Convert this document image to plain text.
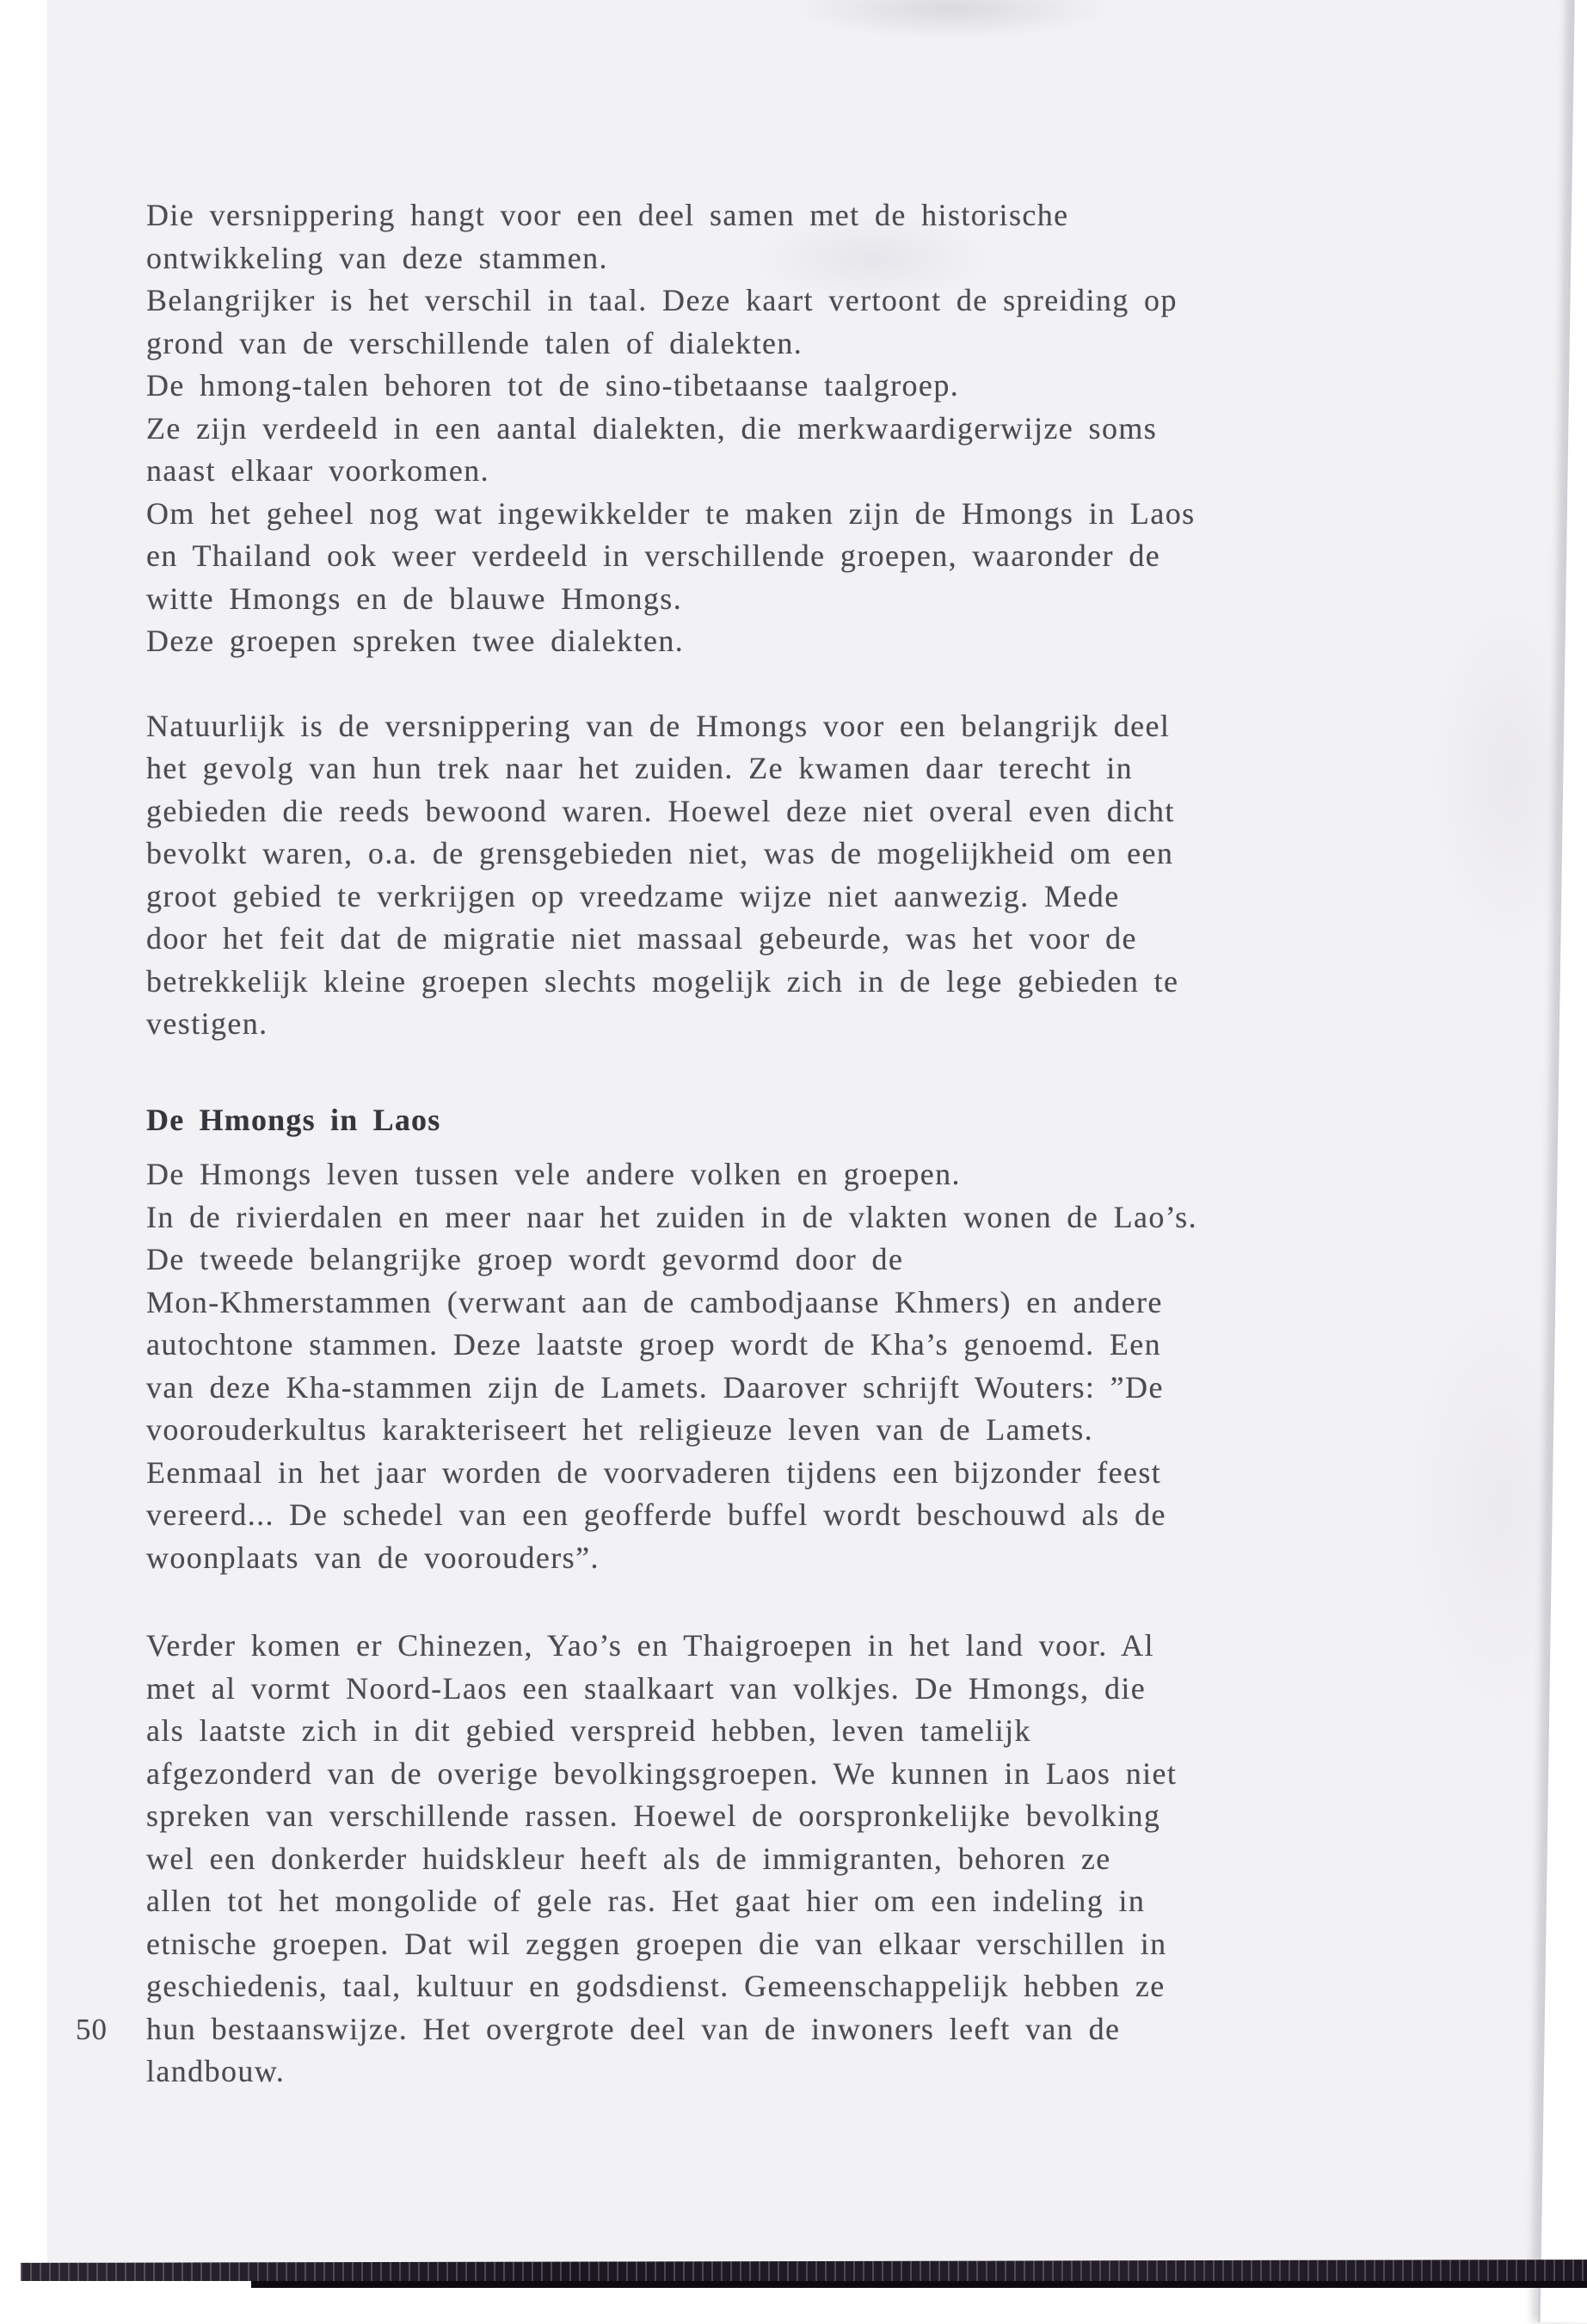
Die versnippering hangt voor een deel samen met de historische
ontwikkeling van deze stammen.
Belangrijker is het verschil in taal. Deze kaart vertoont de spreiding op
grond van de verschillende talen of dialekten.
De hmong-talen behoren tot de sino-tibetaanse taalgroep.
Ze zijn verdeeld in een aantal dialekten, die merkwaardigerwijze soms
naast elkaar voorkomen.
Om het geheel nog wat ingewikkelder te maken zijn de Hmongs in Laos
en Thailand ook weer verdeeld in verschillende groepen, waaronder de
witte Hmongs en de blauwe Hmongs.
Deze groepen spreken twee dialekten.
Natuurlijk is de versnippering van de Hmongs voor een belangrijk deel
het gevolg van hun trek naar het zuiden. Ze kwamen daar terecht in
gebieden die reeds bewoond waren. Hoewel deze niet overal even dicht
bevolkt waren, o.a. de grensgebieden niet, was de mogelijkheid om een
groot gebied te verkrijgen op vreedzame wijze niet aanwezig. Mede
door het feit dat de migratie niet massaal gebeurde, was het voor de
betrekkelijk kleine groepen slechts mogelijk zich in de lege gebieden te
vestigen.
De Hmongs in Laos
De Hmongs leven tussen vele andere volken en groepen.
In de rivierdalen en meer naar het zuiden in de vlakten wonen de Lao’s.
De tweede belangrijke groep wordt gevormd door de
Mon-Khmerstammen (verwant aan de cambodjaanse Khmers) en andere
autochtone stammen. Deze laatste groep wordt de Kha’s genoemd. Een
van deze Kha-stammen zijn de Lamets. Daarover schrijft Wouters: ”De
voorouderkultus karakteriseert het religieuze leven van de Lamets.
Eenmaal in het jaar worden de voorvaderen tijdens een bijzonder feest
vereerd... De schedel van een geofferde buffel wordt beschouwd als de
woonplaats van de voorouders”.
Verder komen er Chinezen, Yao’s en Thaigroepen in het land voor. Al
met al vormt Noord-Laos een staalkaart van volkjes. De Hmongs, die
als laatste zich in dit gebied verspreid hebben, leven tamelijk
afgezonderd van de overige bevolkingsgroepen. We kunnen in Laos niet
spreken van verschillende rassen. Hoewel de oorspronkelijke bevolking
wel een donkerder huidskleur heeft als de immigranten, behoren ze
allen tot het mongolide of gele ras. Het gaat hier om een indeling in
etnische groepen. Dat wil zeggen groepen die van elkaar verschillen in
geschiedenis, taal, kultuur en godsdienst. Gemeenschappelijk hebben ze
hun bestaanswijze. Het overgrote deel van de inwoners leeft van de
landbouw.
50
